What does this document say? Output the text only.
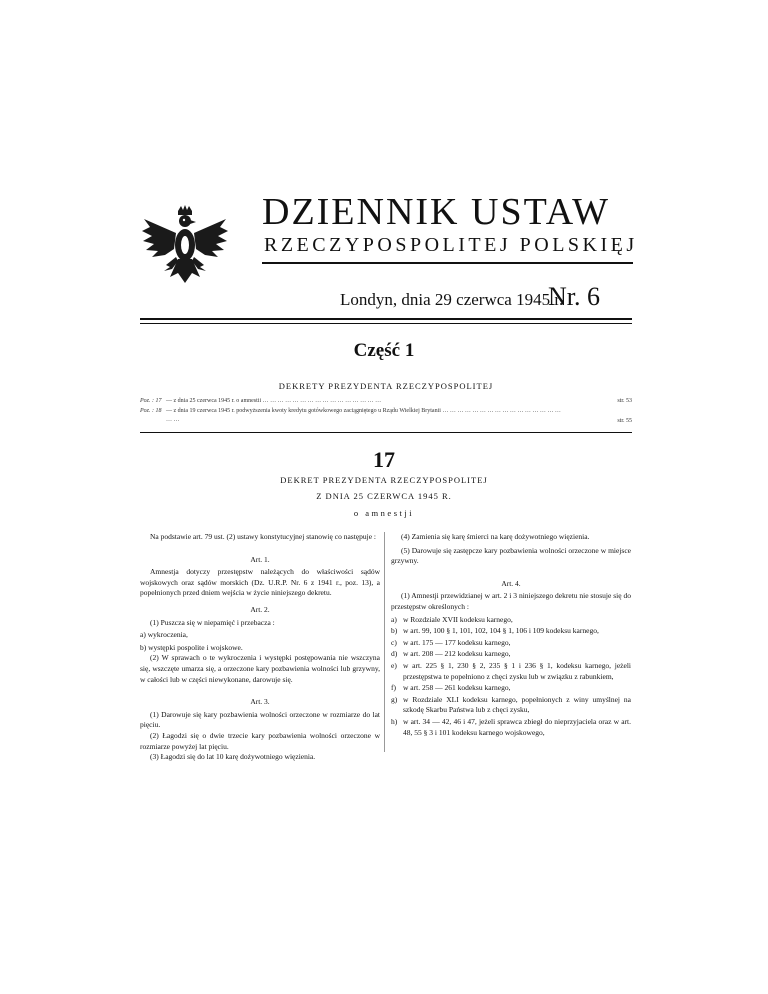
DZIENNIK USTAW
RZECZYPOSPOLITEJ POLSKIĘJ
Londyn, dnia 29 czerwca 1945 r.
Nr. 6
Część 1
DEKRETY PREZYDENTA RZECZYPOSPOLITEJ
Poz. : 17 — z dnia 25 czerwca 1945 r. o amnestii … … … … … … … … … … … … … … … …	str. 53
Poz. : 18 — z dnia 19 czerwca 1945 r. podwyższenia kwoty kredytu gotówkowego zaciągniętego u Rządu Wielkiej Brytanii … … … … … … … … … … … … … … … … … …	str. 55
17
DEKRET PREZYDENTA RZECZYPOSPOLITEJ
Z DNIA 25 CZERWCA 1945 R.
o amnestji

Na podstawie art. 79 ust. (2) ustawy konstytucyjnej stanowię co następuje :

Art. 1.

Amnestja dotyczy przestępstw należących do właściwości sądów wojskowych oraz sądów morskich (Dz. U.R.P. Nr. 6 z 1941 r., poz. 13), a popełnionych przed dniem wejścia w życie niniejszego dekretu.

Art. 2.

(1) Puszcza się w niepamięć i przebacza :

a) wykroczenia,

b) występki pospolite i wojskowe.

(2) W sprawach o te wykroczenia i występki postępowania nie wszczyna się, wszczęte umarza się, a orzeczone kary pozbawienia wolności lub grzywny, w całości lub w części niewykonane, darowuje się.

Art. 3.

(1) Darowuje się kary pozbawienia wolności orzeczone w rozmiarze do lat pięciu.

(2) Łagodzi się o dwie trzecie kary pozbawienia wolności orzeczone w rozmiarze powyżej lat pięciu.

(3) Łagodzi się do lat 10 karę dożywotniego więzienia.

(4) Zamienia się karę śmierci na karę dożywotniego więzienia.

(5) Darowuje się zastępcze kary pozbawienia wolności orzeczone w miejsce grzywny.

Art. 4.

(1) Amnestji przewidzianej w art. 2 i 3 niniejszego dekretu nie stosuje się do przestępstw określonych :

a) w Rozdziale XVII kodeksu karnego,
b) w art. 99, 100 § 1, 101, 102, 104 § 1, 106 i 109 kodeksu karnego,
c) w art. 175 — 177 kodeksu karnego,
d) w art. 208 — 212 kodeksu karnego,
e) w art. 225 § 1, 230 § 2, 235 § 1 i 236 § 1, kodeksu karnego, jeżeli przestępstwa te popełniono z chęci zysku lub w związku z rabunkiem,
f) w art. 258 — 261 kodeksu karnego,
g) w Rozdziale XLI kodeksu karnego, popełnionych z winy umyślnej na szkodę Skarbu Państwa lub z chęci zysku,
h) w art. 34 — 42, 46 i 47, jeżeli sprawca zbiegł do nieprzyjaciela oraz w art. 48, 55 § 3 i 101 kodeksu karnego wojskowego,
